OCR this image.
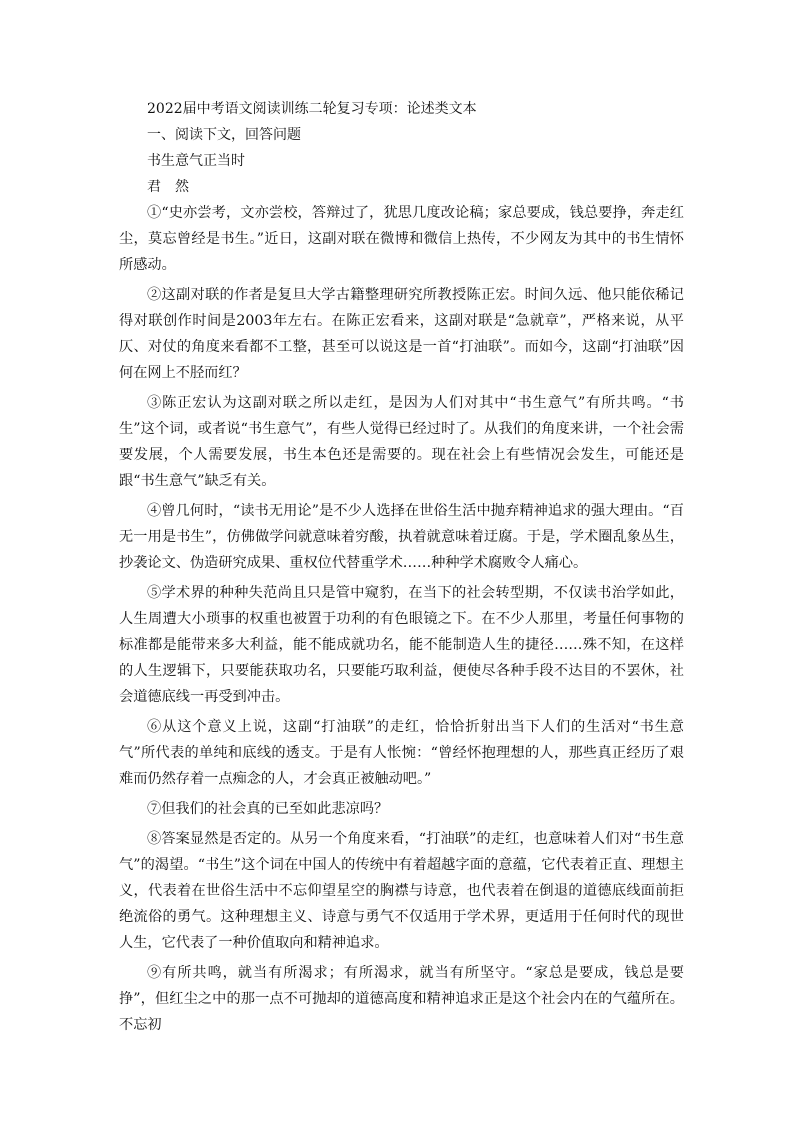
2022届中考语文阅读训练二轮复习专项：论述类文本

一、阅读下文，回答问题

书生意气正当时

君　然

①“史亦尝考，文亦尝校，答辩过了，犹思几度改论稿；家总要成，钱总要挣，奔走红尘，莫忘曾经是书生。”近日，这副对联在微博和微信上热传，不少网友为其中的书生情怀所感动。

②这副对联的作者是复旦大学古籍整理研究所教授陈正宏。时间久远、他只能依稀记得对联创作时间是2003年左右。在陈正宏看来，这副对联是“急就章”，严格来说，从平仄、对仗的角度来看都不工整，甚至可以说这是一首“打油联”。而如今，这副“打油联”因何在网上不胫而红？

③陈正宏认为这副对联之所以走红，是因为人们对其中“书生意气”有所共鸣。“书生”这个词，或者说“书生意气”，有些人觉得已经过时了。从我们的角度来讲，一个社会需要发展，个人需要发展，书生本色还是需要的。现在社会上有些情况会发生，可能还是跟“书生意气”缺乏有关。

④曾几何时，“读书无用论”是不少人选择在世俗生活中抛弃精神追求的强大理由。“百无一用是书生”，仿佛做学问就意味着穷酸，执着就意味着迂腐。于是，学术圈乱象丛生，抄袭论文、伪造研究成果、重权位代替重学术……种种学术腐败令人痛心。

⑤学术界的种种失范尚且只是管中窥豹，在当下的社会转型期，不仅读书治学如此，人生周遭大小琐事的权重也被置于功利的有色眼镜之下。在不少人那里，考量任何事物的标准都是能带来多大利益，能不能成就功名，能不能制造人生的捷径……殊不知，在这样的人生逻辑下，只要能获取功名，只要能巧取利益，便使尽各种手段不达目的不罢休，社会道德底线一再受到冲击。

⑥从这个意义上说，这副“打油联”的走红，恰恰折射出当下人们的生活对“书生意气”所代表的单纯和底线的透支。于是有人怅惋：“曾经怀抱理想的人，那些真正经历了艰难而仍然存着一点痴念的人，才会真正被触动吧。”

⑦但我们的社会真的已至如此悲凉吗？

⑧答案显然是否定的。从另一个角度来看，“打油联”的走红，也意味着人们对“书生意气”的渴望。“书生”这个词在中国人的传统中有着超越字面的意蕴，它代表着正直、理想主义，代表着在世俗生活中不忘仰望星空的胸襟与诗意，也代表着在倒退的道德底线面前拒绝流俗的勇气。这种理想主义、诗意与勇气不仅适用于学术界，更适用于任何时代的现世人生，它代表了一种价值取向和精神追求。

⑨有所共鸣，就当有所渴求；有所渴求，就当有所坚守。“家总是要成，钱总是要挣”，但红尘之中的那一点不可抛却的道德高度和精神追求正是这个社会内在的气蕴所在。不忘初
